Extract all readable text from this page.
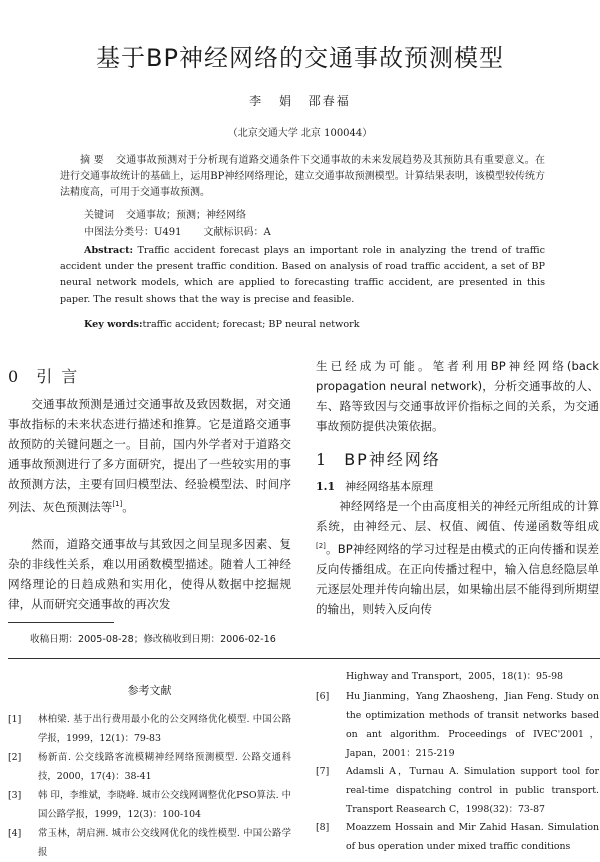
基于BP神经网络的交通事故预测模型
李 娟 邵春福
（北京交通大学 北京 100044）
摘 要 交通事故预测对于分析现有道路交通条件下交通事故的未来发展趋势及其预防具有重要意义。在进行交通事故统计的基础上，运用BP神经网络理论，建立交通事故预测模型。计算结果表明，该模型较传统方法精度高，可用于交通事故预测。
关键词 交通事故；预测；神经网络
中图法分类号：U491 文献标识码：A
Abstract: Traffic accident forecast plays an important role in analyzing the trend of traffic accident under the present traffic condition. Based on analysis of road traffic accident, a set of BP neural network models, which are applied to forecasting traffic accident, are presented in this paper. The result shows that the way is precise and feasible.
Key words:traffic accident; forecast; BP neural network
0 引 言
交通事故预测是通过交通事故及致因数据，对交通事故指标的未来状态进行描述和推算。它是道路交通事故预防的关键问题之一。目前，国内外学者对于道路交通事故预测进行了多方面研究，提出了一些较实用的事故预测方法，主要有回归模型法、经验模型法、时间序列法、灰色预测法等[1]。
然而，道路交通事故与其致因之间呈现多因素、复杂的非线性关系，难以用函数模型描述。随着人工神经网络理论的日趋成熟和实用化，使得从数据中挖掘规律，从而研究交通事故的再次发
生已经成为可能。笔者利用BP神经网络(back propagation neural network)，分析交通事故的人、车、路等致因与交通事故评价指标之间的关系，为交通事故预防提供决策依据。
1 BP神经网络
1.1 神经网络基本原理
神经网络是一个由高度相关的神经元所组成的计算系统，由神经元、层、权值、阈值、传递函数等组成[2]。BP神经网络的学习过程是由模式的正向传播和误差反向传播组成。在正向传播过程中，输入信息经隐层单元逐层处理并传向输出层，如果输出层不能得到所期望的输出，则转入反向传
收稿日期：2005-08-28；修改稿收到日期：2006-02-16
参考文献
[1] 林柏梁. 基于出行费用最小化的公交网络优化模型. 中国公路学报，1999，12(1)：79-83
[2] 杨新苗. 公交线路客流模糊神经网络预测模型. 公路交通科技，2000，17(4)：38-41
[3] 韩 印，李维斌，李晓峰. 城市公交线网调整优化PSO算法. 中国公路学报，1999，12(3)：100-104
[4] 常玉林，胡启洲. 城市公交线网优化的线性模型. 中国公路学报
Highway and Transport，2005，18(1)：95-98
[6] Hu Jianming，Yang Zhaosheng，Jian Feng. Study on the optimization methods of transit networks based on ant algorithm. Proceedings of IVEC'2001，Japan，2001：215-219
[7] Adamsli A，Turnau A. Simulation support tool for real-time dispatching control in public transport. Transport Reasearch C，1998(32)：73-87
[8] Moazzem Hossain and Mir Zahid Hasan. Simulation of bus operation under mixed traffic conditions
